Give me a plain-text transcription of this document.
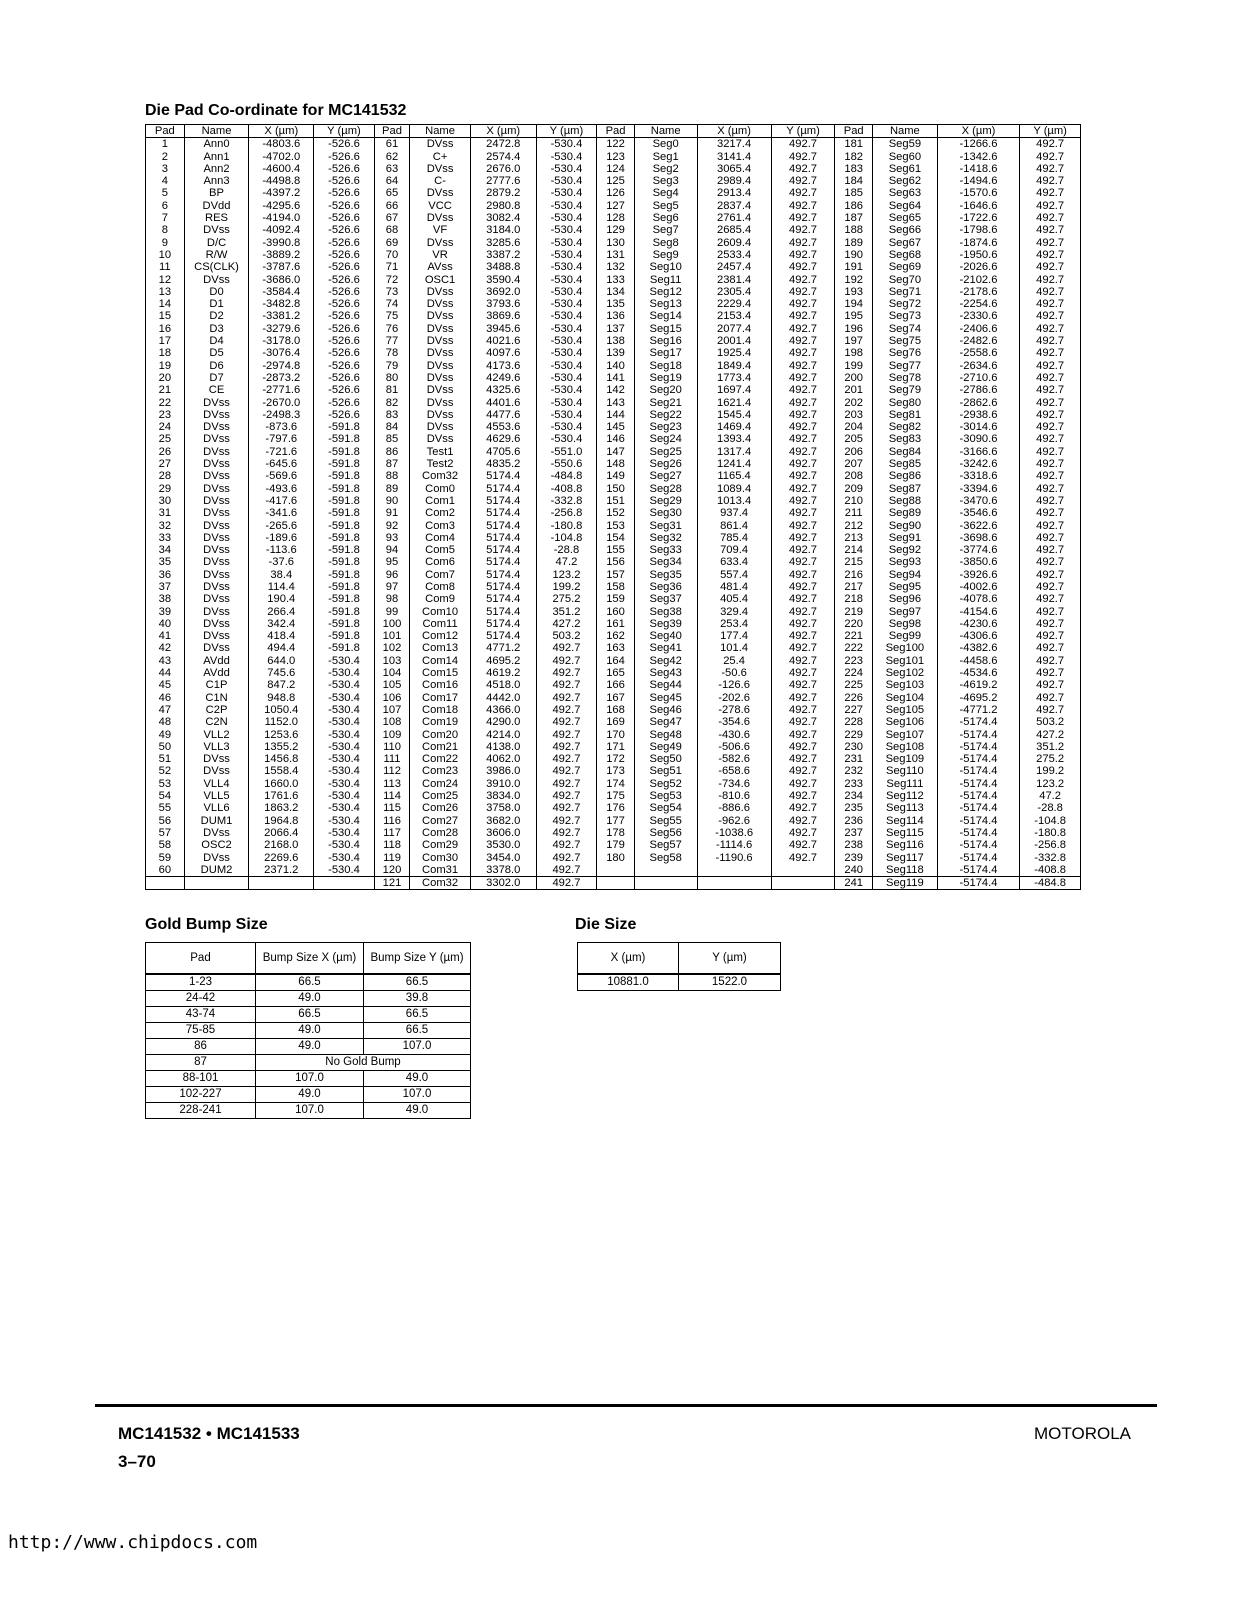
Die Pad Co-ordinate for MC141532
Pad	Name	X (µm)	Y (µm)	Pad	Name	X (µm)	Y (µm)	Pad	Name	X (µm)	Y (µm)	Pad	Name	X (µm)	Y (µm)
1	Ann0	-4803.6	-526.6	61	DVss	2472.8	-530.4	122	Seg0	3217.4	492.7	181	Seg59	-1266.6	492.7
2	Ann1	-4702.0	-526.6	62	C+	2574.4	-530.4	123	Seg1	3141.4	492.7	182	Seg60	-1342.6	492.7
3	Ann2	-4600.4	-526.6	63	DVss	2676.0	-530.4	124	Seg2	3065.4	492.7	183	Seg61	-1418.6	492.7
4	Ann3	-4498.8	-526.6	64	C-	2777.6	-530.4	125	Seg3	2989.4	492.7	184	Seg62	-1494.6	492.7
5	BP	-4397.2	-526.6	65	DVss	2879.2	-530.4	126	Seg4	2913.4	492.7	185	Seg63	-1570.6	492.7
6	DVdd	-4295.6	-526.6	66	VCC	2980.8	-530.4	127	Seg5	2837.4	492.7	186	Seg64	-1646.6	492.7
7	RES	-4194.0	-526.6	67	DVss	3082.4	-530.4	128	Seg6	2761.4	492.7	187	Seg65	-1722.6	492.7
8	DVss	-4092.4	-526.6	68	VF	3184.0	-530.4	129	Seg7	2685.4	492.7	188	Seg66	-1798.6	492.7
9	D/C	-3990.8	-526.6	69	DVss	3285.6	-530.4	130	Seg8	2609.4	492.7	189	Seg67	-1874.6	492.7
10	R/W	-3889.2	-526.6	70	VR	3387.2	-530.4	131	Seg9	2533.4	492.7	190	Seg68	-1950.6	492.7
11	CS(CLK)	-3787.6	-526.6	71	AVss	3488.8	-530.4	132	Seg10	2457.4	492.7	191	Seg69	-2026.6	492.7
12	DVss	-3686.0	-526.6	72	OSC1	3590.4	-530.4	133	Seg11	2381.4	492.7	192	Seg70	-2102.6	492.7
13	D0	-3584.4	-526.6	73	DVss	3692.0	-530.4	134	Seg12	2305.4	492.7	193	Seg71	-2178.6	492.7
14	D1	-3482.8	-526.6	74	DVss	3793.6	-530.4	135	Seg13	2229.4	492.7	194	Seg72	-2254.6	492.7
15	D2	-3381.2	-526.6	75	DVss	3869.6	-530.4	136	Seg14	2153.4	492.7	195	Seg73	-2330.6	492.7
16	D3	-3279.6	-526.6	76	DVss	3945.6	-530.4	137	Seg15	2077.4	492.7	196	Seg74	-2406.6	492.7
17	D4	-3178.0	-526.6	77	DVss	4021.6	-530.4	138	Seg16	2001.4	492.7	197	Seg75	-2482.6	492.7
18	D5	-3076.4	-526.6	78	DVss	4097.6	-530.4	139	Seg17	1925.4	492.7	198	Seg76	-2558.6	492.7
19	D6	-2974.8	-526.6	79	DVss	4173.6	-530.4	140	Seg18	1849.4	492.7	199	Seg77	-2634.6	492.7
20	D7	-2873.2	-526.6	80	DVss	4249.6	-530.4	141	Seg19	1773.4	492.7	200	Seg78	-2710.6	492.7
21	CE	-2771.6	-526.6	81	DVss	4325.6	-530.4	142	Seg20	1697.4	492.7	201	Seg79	-2786.6	492.7
22	DVss	-2670.0	-526.6	82	DVss	4401.6	-530.4	143	Seg21	1621.4	492.7	202	Seg80	-2862.6	492.7
23	DVss	-2498.3	-526.6	83	DVss	4477.6	-530.4	144	Seg22	1545.4	492.7	203	Seg81	-2938.6	492.7
24	DVss	-873.6	-591.8	84	DVss	4553.6	-530.4	145	Seg23	1469.4	492.7	204	Seg82	-3014.6	492.7
25	DVss	-797.6	-591.8	85	DVss	4629.6	-530.4	146	Seg24	1393.4	492.7	205	Seg83	-3090.6	492.7
26	DVss	-721.6	-591.8	86	Test1	4705.6	-551.0	147	Seg25	1317.4	492.7	206	Seg84	-3166.6	492.7
27	DVss	-645.6	-591.8	87	Test2	4835.2	-550.6	148	Seg26	1241.4	492.7	207	Seg85	-3242.6	492.7
28	DVss	-569.6	-591.8	88	Com32	5174.4	-484.8	149	Seg27	1165.4	492.7	208	Seg86	-3318.6	492.7
29	DVss	-493.6	-591.8	89	Com0	5174.4	-408.8	150	Seg28	1089.4	492.7	209	Seg87	-3394.6	492.7
30	DVss	-417.6	-591.8	90	Com1	5174.4	-332.8	151	Seg29	1013.4	492.7	210	Seg88	-3470.6	492.7
31	DVss	-341.6	-591.8	91	Com2	5174.4	-256.8	152	Seg30	937.4	492.7	211	Seg89	-3546.6	492.7
32	DVss	-265.6	-591.8	92	Com3	5174.4	-180.8	153	Seg31	861.4	492.7	212	Seg90	-3622.6	492.7
33	DVss	-189.6	-591.8	93	Com4	5174.4	-104.8	154	Seg32	785.4	492.7	213	Seg91	-3698.6	492.7
34	DVss	-113.6	-591.8	94	Com5	5174.4	-28.8	155	Seg33	709.4	492.7	214	Seg92	-3774.6	492.7
35	DVss	-37.6	-591.8	95	Com6	5174.4	47.2	156	Seg34	633.4	492.7	215	Seg93	-3850.6	492.7
36	DVss	38.4	-591.8	96	Com7	5174.4	123.2	157	Seg35	557.4	492.7	216	Seg94	-3926.6	492.7
37	DVss	114.4	-591.8	97	Com8	5174.4	199.2	158	Seg36	481.4	492.7	217	Seg95	-4002.6	492.7
38	DVss	190.4	-591.8	98	Com9	5174.4	275.2	159	Seg37	405.4	492.7	218	Seg96	-4078.6	492.7
39	DVss	266.4	-591.8	99	Com10	5174.4	351.2	160	Seg38	329.4	492.7	219	Seg97	-4154.6	492.7
40	DVss	342.4	-591.8	100	Com11	5174.4	427.2	161	Seg39	253.4	492.7	220	Seg98	-4230.6	492.7
41	DVss	418.4	-591.8	101	Com12	5174.4	503.2	162	Seg40	177.4	492.7	221	Seg99	-4306.6	492.7
42	DVss	494.4	-591.8	102	Com13	4771.2	492.7	163	Seg41	101.4	492.7	222	Seg100	-4382.6	492.7
43	AVdd	644.0	-530.4	103	Com14	4695.2	492.7	164	Seg42	25.4	492.7	223	Seg101	-4458.6	492.7
44	AVdd	745.6	-530.4	104	Com15	4619.2	492.7	165	Seg43	-50.6	492.7	224	Seg102	-4534.6	492.7
45	C1P	847.2	-530.4	105	Com16	4518.0	492.7	166	Seg44	-126.6	492.7	225	Seg103	-4619.2	492.7
46	C1N	948.8	-530.4	106	Com17	4442.0	492.7	167	Seg45	-202.6	492.7	226	Seg104	-4695.2	492.7
47	C2P	1050.4	-530.4	107	Com18	4366.0	492.7	168	Seg46	-278.6	492.7	227	Seg105	-4771.2	492.7
48	C2N	1152.0	-530.4	108	Com19	4290.0	492.7	169	Seg47	-354.6	492.7	228	Seg106	-5174.4	503.2
49	VLL2	1253.6	-530.4	109	Com20	4214.0	492.7	170	Seg48	-430.6	492.7	229	Seg107	-5174.4	427.2
50	VLL3	1355.2	-530.4	110	Com21	4138.0	492.7	171	Seg49	-506.6	492.7	230	Seg108	-5174.4	351.2
51	DVss	1456.8	-530.4	111	Com22	4062.0	492.7	172	Seg50	-582.6	492.7	231	Seg109	-5174.4	275.2
52	DVss	1558.4	-530.4	112	Com23	3986.0	492.7	173	Seg51	-658.6	492.7	232	Seg110	-5174.4	199.2
53	VLL4	1660.0	-530.4	113	Com24	3910.0	492.7	174	Seg52	-734.6	492.7	233	Seg111	-5174.4	123.2
54	VLL5	1761.6	-530.4	114	Com25	3834.0	492.7	175	Seg53	-810.6	492.7	234	Seg112	-5174.4	47.2
55	VLL6	1863.2	-530.4	115	Com26	3758.0	492.7	176	Seg54	-886.6	492.7	235	Seg113	-5174.4	-28.8
56	DUM1	1964.8	-530.4	116	Com27	3682.0	492.7	177	Seg55	-962.6	492.7	236	Seg114	-5174.4	-104.8
57	DVss	2066.4	-530.4	117	Com28	3606.0	492.7	178	Seg56	-1038.6	492.7	237	Seg115	-5174.4	-180.8
58	OSC2	2168.0	-530.4	118	Com29	3530.0	492.7	179	Seg57	-1114.6	492.7	238	Seg116	-5174.4	-256.8
59	DVss	2269.6	-530.4	119	Com30	3454.0	492.7	180	Seg58	-1190.6	492.7	239	Seg117	-5174.4	-332.8
60	DUM2	2371.2	-530.4	120	Com31	3378.0	492.7					240	Seg118	-5174.4	-408.8
				121	Com32	3302.0	492.7					241	Seg119	-5174.4	-484.8
Gold Bump Size
Pad	Bump Size X (µm)	Bump Size Y (µm)
1-23	66.5	66.5
24-42	49.0	39.8
43-74	66.5	66.5
75-85	49.0	66.5
86	49.0	107.0
87	No Gold Bump	
88-101	107.0	49.0
102-227	49.0	107.0
228-241	107.0	49.0
Die Size
X (µm)	Y (µm)
10881.0	1522.0
MC141532 • MC141533
3–70
MOTOROLA
http://www.chipdocs.com
